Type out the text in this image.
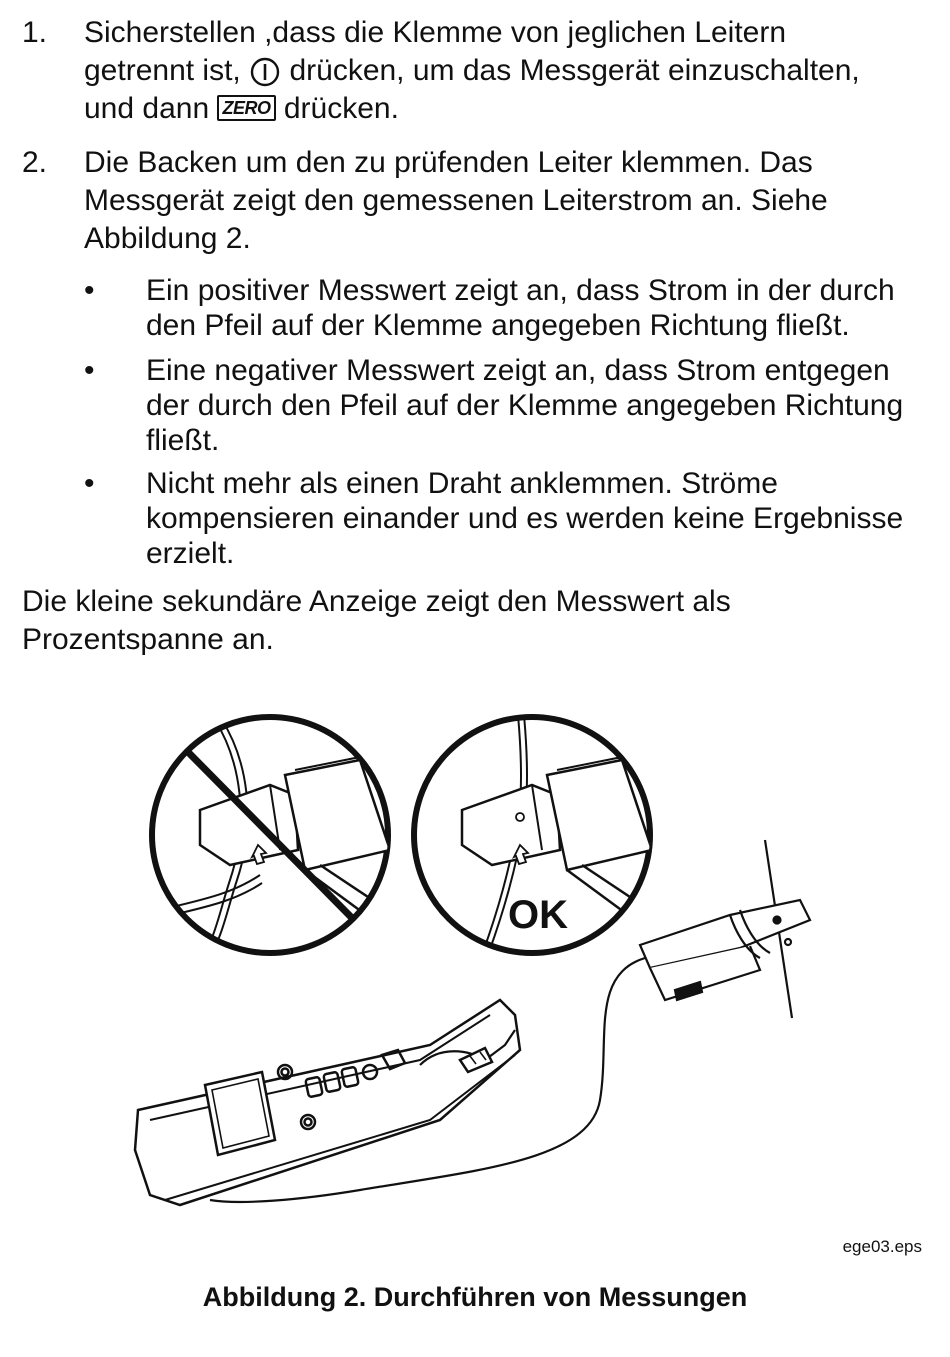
1. Sicherstellen ,dass die Klemme von jeglichen Leitern
getrennt ist, drücken, um das Messgerät einzuschalten,
und dann ZERO drücken.
2. Die Backen um den zu prüfenden Leiter klemmen. Das Messgerät zeigt den gemessenen Leiterstrom an. Siehe Abbildung 2.
• Ein positiver Messwert zeigt an, dass Strom in der durch den Pfeil auf der Klemme angegeben Richtung fließt.
• Eine negativer Messwert zeigt an, dass Strom entgegen der durch den Pfeil auf der Klemme angegeben Richtung fließt.
• Nicht mehr als einen Draht anklemmen. Ströme kompensieren einander und es werden keine Ergebnisse erzielt.
Die kleine sekundäre Anzeige zeigt den Messwert als Prozentspanne an.
OK
ege03.eps
Abbildung 2. Durchführen von Messungen
